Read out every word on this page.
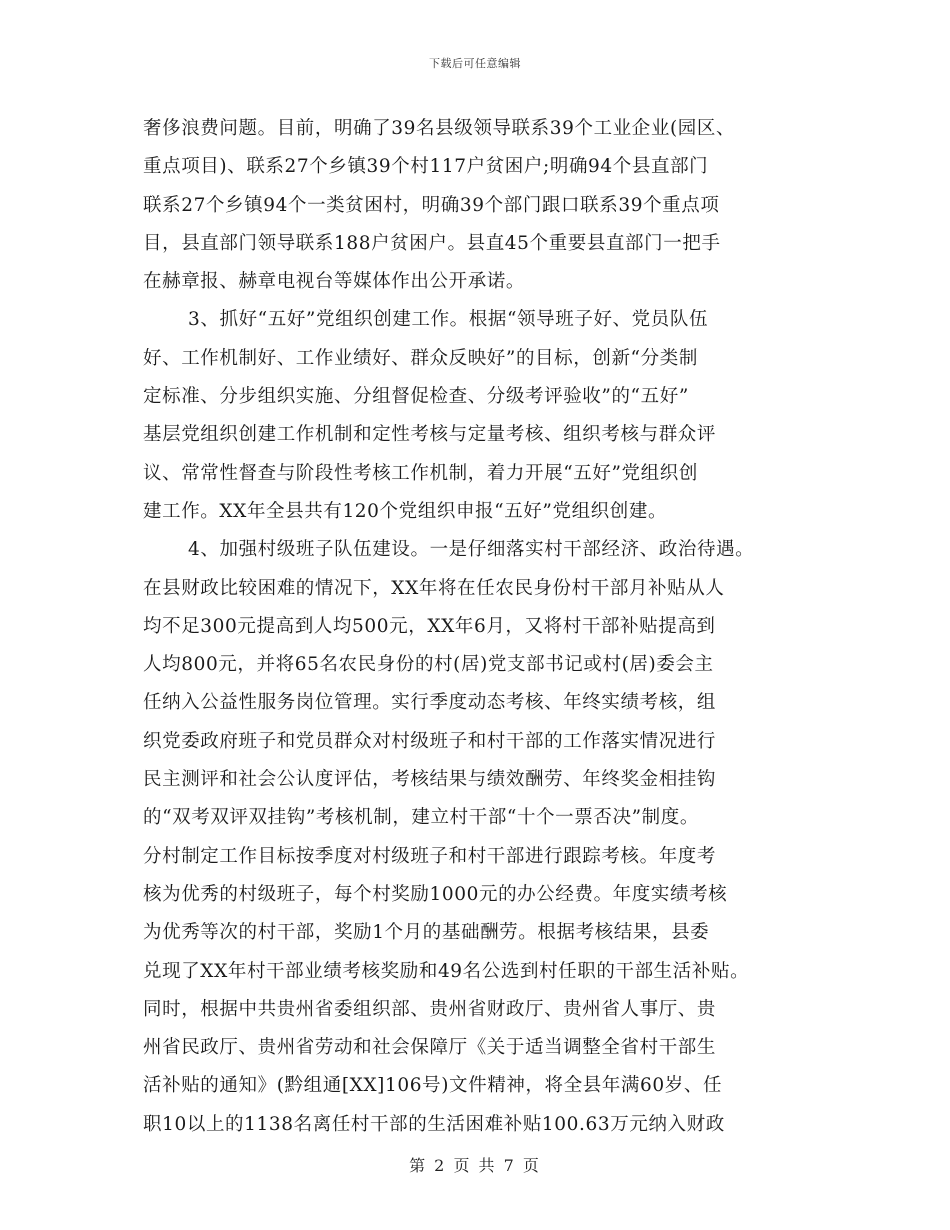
下载后可任意编辑
奢侈浪费问题。目前，明确了39名县级领导联系39个工业企业(园区、
重点项目)、联系27个乡镇39个村117户贫困户;明确94个县直部门
联系27个乡镇94个一类贫困村，明确39个部门跟口联系39个重点项
目，县直部门领导联系188户贫困户。县直45个重要县直部门一把手
在赫章报、赫章电视台等媒体作出公开承诺。
3、抓好“五好”党组织创建工作。根据“领导班子好、党员队伍
好、工作机制好、工作业绩好、群众反映好”的目标，创新“分类制
定标准、分步组织实施、分组督促检查、分级考评验收”的“五好”
基层党组织创建工作机制和定性考核与定量考核、组织考核与群众评
议、常常性督查与阶段性考核工作机制，着力开展“五好”党组织创
建工作。XX年全县共有120个党组织申报“五好”党组织创建。
4、加强村级班子队伍建设。一是仔细落实村干部经济、政治待遇。
在县财政比较困难的情况下，XX年将在任农民身份村干部月补贴从人
均不足300元提高到人均500元，XX年6月，又将村干部补贴提高到
人均800元，并将65名农民身份的村(居)党支部书记或村(居)委会主
任纳入公益性服务岗位管理。实行季度动态考核、年终实绩考核，组
织党委政府班子和党员群众对村级班子和村干部的工作落实情况进行
民主测评和社会公认度评估，考核结果与绩效酬劳、年终奖金相挂钩
的“双考双评双挂钩”考核机制，建立村干部“十个一票否决”制度。
分村制定工作目标按季度对村级班子和村干部进行跟踪考核。年度考
核为优秀的村级班子，每个村奖励1000元的办公经费。年度实绩考核
为优秀等次的村干部，奖励1个月的基础酬劳。根据考核结果，县委
兑现了XX年村干部业绩考核奖励和49名公选到村任职的干部生活补贴。
同时，根据中共贵州省委组织部、贵州省财政厅、贵州省人事厅、贵
州省民政厅、贵州省劳动和社会保障厅《关于适当调整全省村干部生
活补贴的通知》(黔组通[XX]106号)文件精神，将全县年满60岁、任
职10以上的1138名离任村干部的生活困难补贴100.63万元纳入财政
第 2 页 共 7 页
